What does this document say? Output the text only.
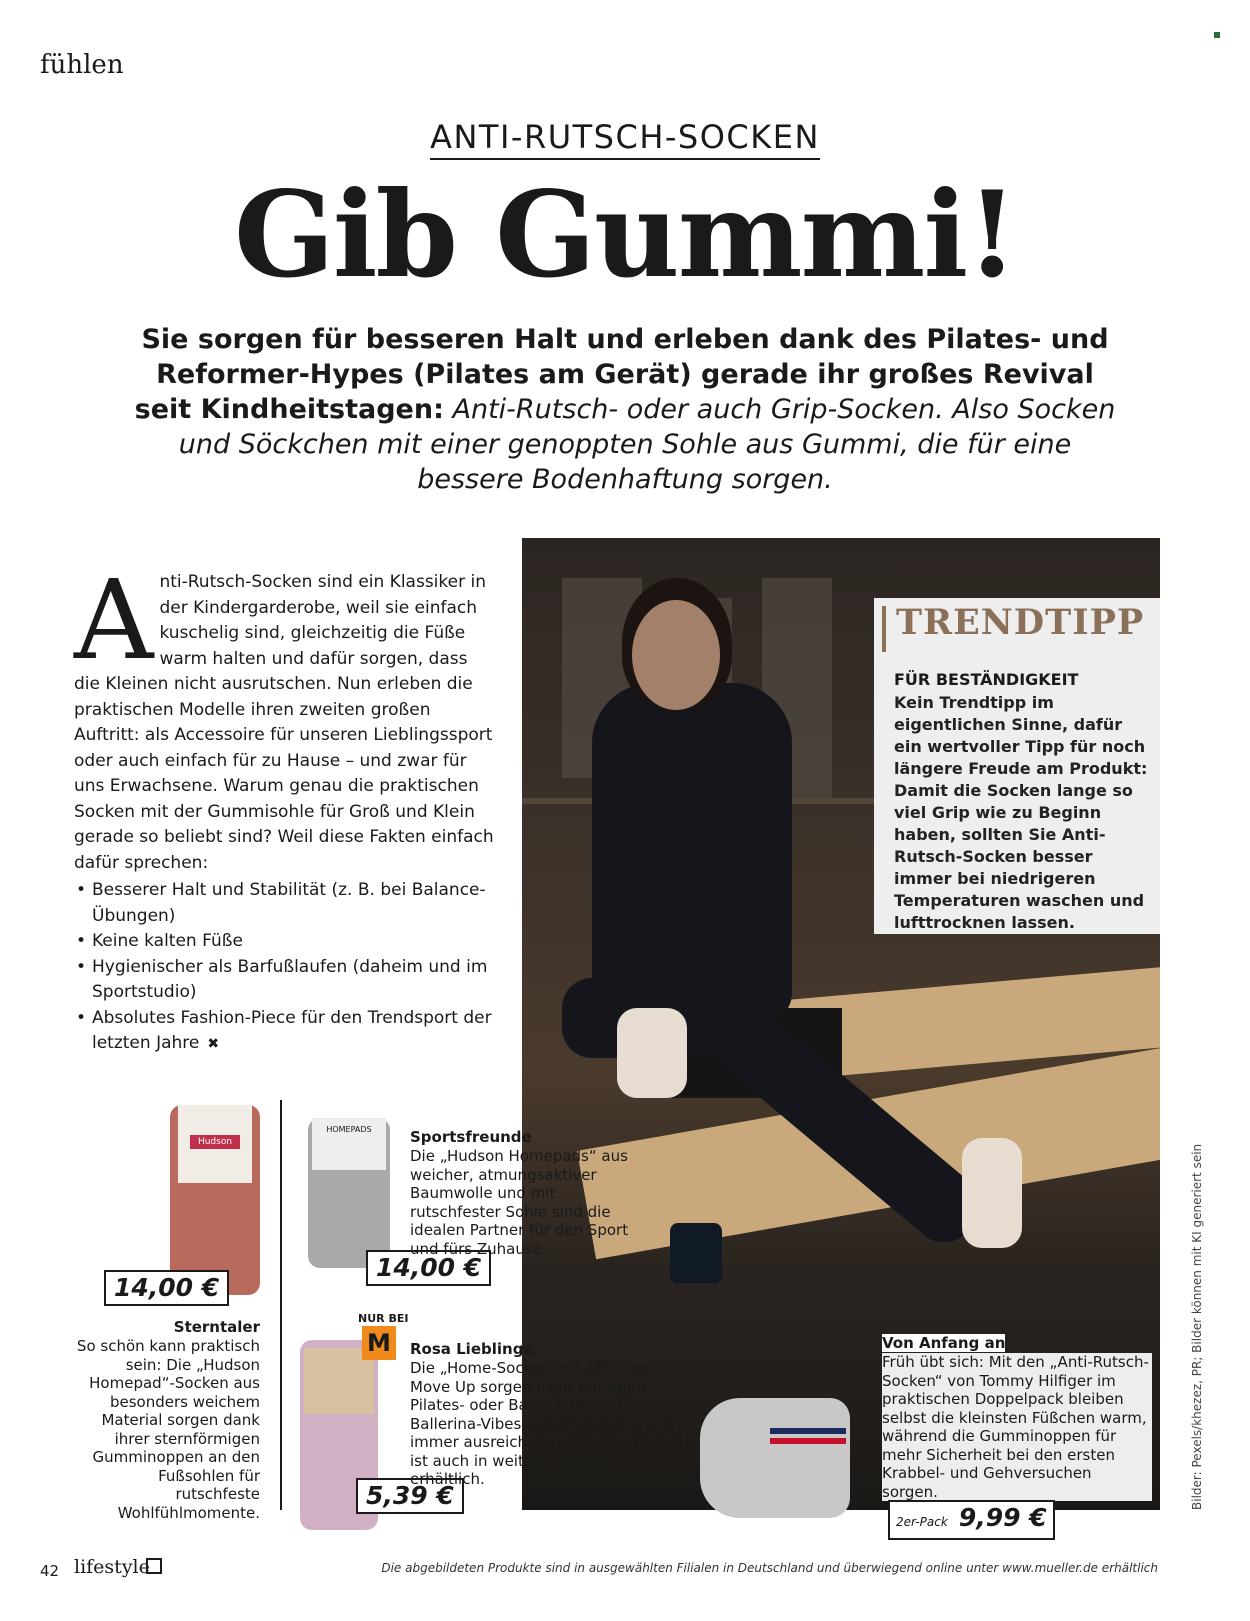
fühlen
ANTI-RUTSCH-SOCKEN
Gib Gummi!
Sie sorgen für besseren Halt und erleben dank des Pilates- und Reformer-Hypes (Pilates am Gerät) gerade ihr großes Revival seit Kindheitstagen: Anti-Rutsch- oder auch Grip-Socken. Also Socken und Söckchen mit einer genoppten Sohle aus Gummi, die für eine bessere Bodenhaftung sorgen.
A nti-Rutsch-Socken sind ein Klassiker in der Kindergarderobe, weil sie einfach kuschelig sind, gleichzeitig die Füße warm halten und dafür sorgen, dass die Kleinen nicht ausrutschen. Nun erleben die praktischen Modelle ihren zweiten großen Auftritt: als Accessoire für unseren Lieblingssport oder auch einfach für zu Hause – und zwar für uns Erwachsene. Warum genau die praktischen Socken mit der Gummisohle für Groß und Klein gerade so beliebt sind? Weil diese Fakten einfach dafür sprechen:
• Besserer Halt und Stabilität (z. B. bei Balance-Übungen)
• Keine kalten Füße
• Hygienischer als Barfußlaufen (daheim und im Sportstudio)
• Absolutes Fashion-Piece für den Trendsport der letzten Jahre ✖
TRENDTIPP
FÜR BESTÄNDIGKEIT
Kein Trendtipp im eigentlichen Sinne, dafür ein wertvoller Tipp für noch längere Freude am Produkt: Damit die Socken lange so viel Grip wie zu Beginn haben, sollten Sie Anti-Rutsch-Socken besser immer bei niedrigeren Temperaturen waschen und lufttrocknen lassen.
Hudson
14,00 €
Sterntaler
So schön kann praktisch sein: Die „Hudson Homepad“-Socken aus besonders weichem Material sorgen dank ihrer sternförmigen Gumminoppen an den Fußsohlen für rutschfeste Wohlfühlmomente.
HOMEPADS
14,00 €
Sportsfreunde
Die „Hudson Homepads“ aus weicher, atmungsaktiver Baumwolle und mit rutschfester Sohle sind die idealen Partner für den Sport und fürs Zuhause.
NUR BEI
M
5,39 €
Rosa Lieblinge
Die „Home-Socken mit ABS“ von Move Up sorgen nicht nur beim Pilates- oder Barre-Training für echte Ballerina-Vibes, sondern geben uns immer ausreichend Halt. Das Modell ist auch in weiteren Farben erhältlich.
Von Anfang an
Früh übt sich: Mit den „Anti-Rutsch-Socken“ von Tommy Hilfiger im praktischen Doppelpack bleiben selbst die kleinsten Füßchen warm, während die Gumminoppen für mehr Sicherheit bei den ersten Krabbel- und Gehversuchen sorgen.
2er-Pack 9,99 €
Bilder: Pexels/khezez, PR; Bilder können mit KI generiert sein
42 lifestyle	Die abgebildeten Produkte sind in ausgewählten Filialen in Deutschland und überwiegend online unter www.mueller.de erhältlich
